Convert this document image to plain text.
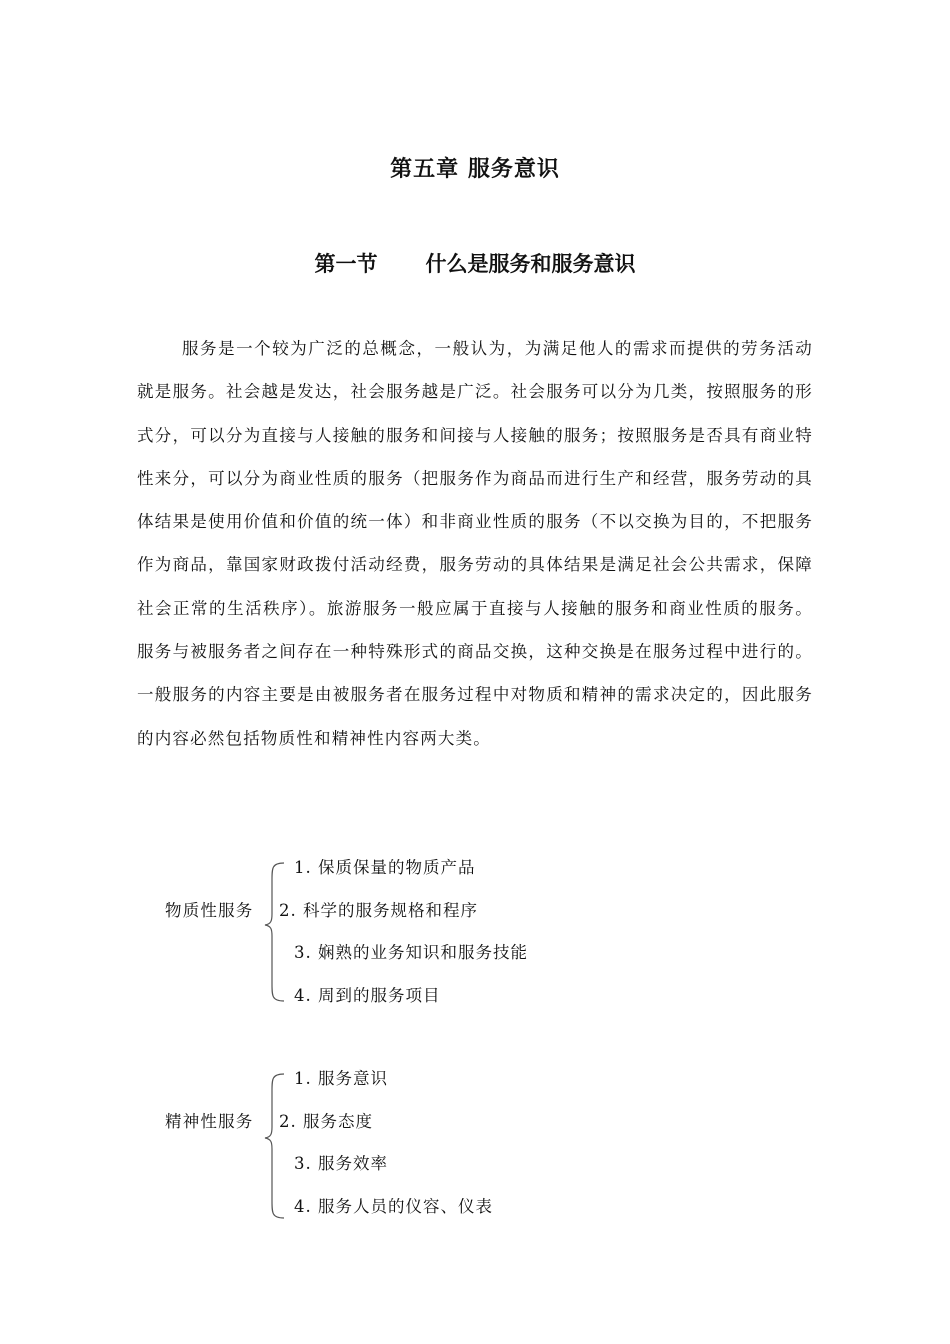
第五章 服务意识
第一节 什么是服务和服务意识

服务是一个较为广泛的总概念，一般认为，为满足他人的需求而提供的劳务活动就是服务。社会越是发达，社会服务越是广泛。社会服务可以分为几类，按照服务的形式分，可以分为直接与人接触的服务和间接与人接触的服务；按照服务是否具有商业特性来分，可以分为商业性质的服务（把服务作为商品而进行生产和经营，服务劳动的具体结果是使用价值和价值的统一体）和非商业性质的服务（不以交换为目的，不把服务作为商品，靠国家财政拨付活动经费，服务劳动的具体结果是满足社会公共需求，保障社会正常的生活秩序）。旅游服务一般应属于直接与人接触的服务和商业性质的服务。服务与被服务者之间存在一种特殊形式的商品交换，这种交换是在服务过程中进行的。一般服务的内容主要是由被服务者在服务过程中对物质和精神的需求决定的，因此服务的内容必然包括物质性和精神性内容两大类。

物质性服务
1. 保质保量的物质产品
2. 科学的服务规格和程序
3. 娴熟的业务知识和服务技能
4. 周到的服务项目
精神性服务
1. 服务意识
2. 服务态度
3. 服务效率
4. 服务人员的仪容、仪表
